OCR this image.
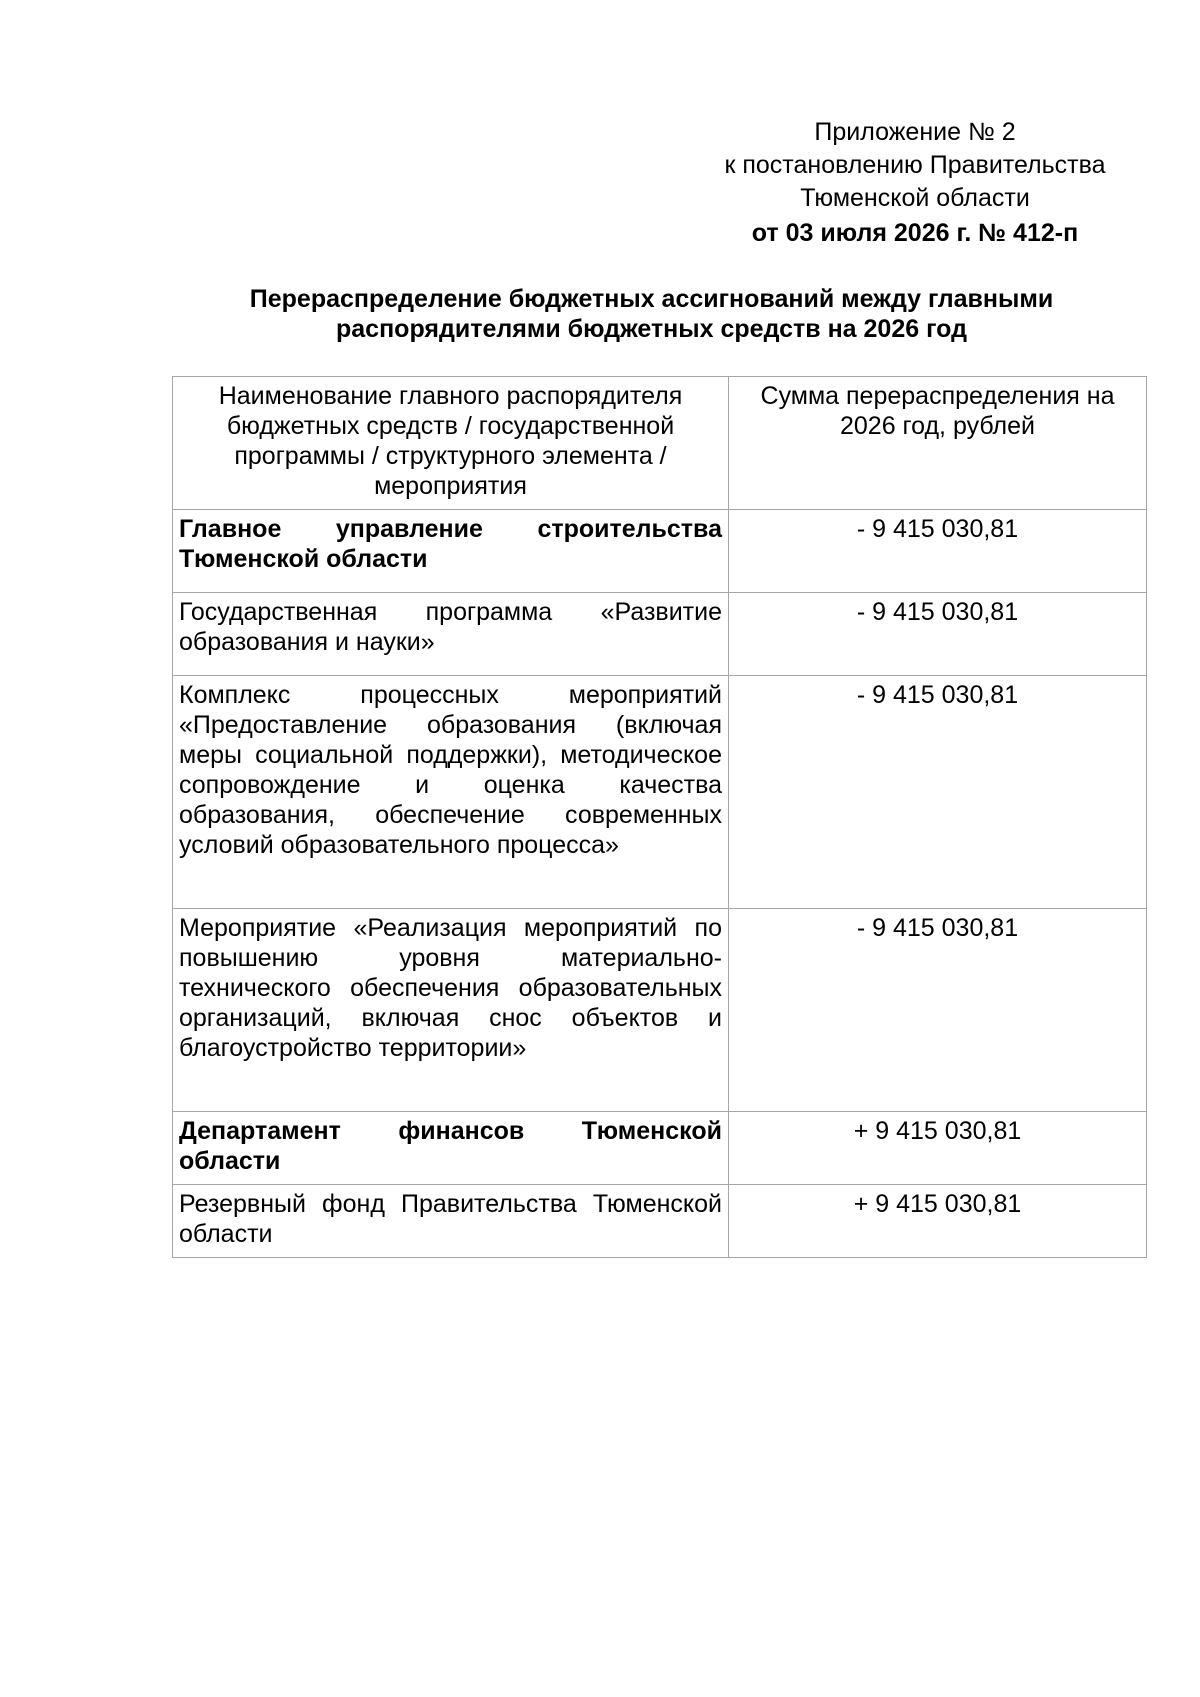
Приложение № 2
к постановлению Правительства
Тюменской области
от 03 июля 2026 г. № 412-п
Перераспределение бюджетных ассигнований между главными
распорядителями бюджетных средств на 2026 год
Наименование главного распорядителя бюджетных средств / государственной программы / структурного элемента / мероприятия	Сумма перераспределения на 2026 год, рублей
Главное управление строительства Тюменской области	- 9 415 030,81
Государственная программа «Развитие образования и науки»	- 9 415 030,81
Комплекс процессных мероприятий «Предоставление образования (включая меры социальной поддержки), методическое сопровождение и оценка качества образования, обеспечение современных условий образовательного процесса»	- 9 415 030,81
Мероприятие «Реализация мероприятий по повышению уровня материально-технического обеспечения образовательных организаций, включая снос объектов и благоустройство территории»	- 9 415 030,81
Департамент финансов Тюменской области	+ 9 415 030,81
Резервный фонд Правительства Тюменской области	+ 9 415 030,81
